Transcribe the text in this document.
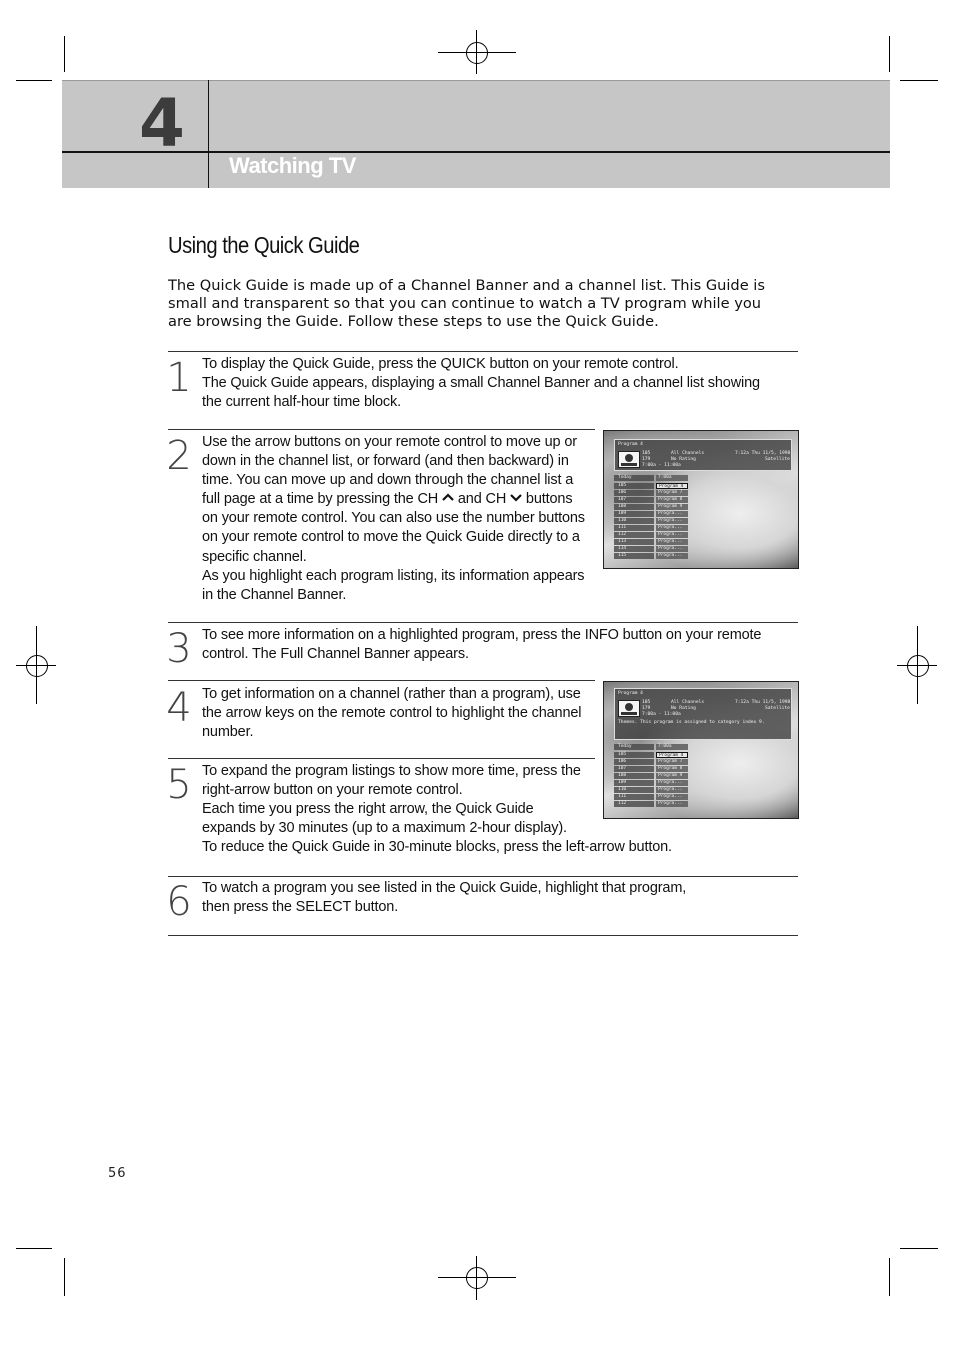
4
Watching TV
Using the Quick Guide
The Quick Guide is made up of a Channel Banner and a channel list. This Guide is small and transparent so that you can continue to watch a TV program while you are browsing the Guide. Follow these steps to use the Quick Guide.
1 To display the Quick Guide, press the QUICK button on your remote control.

The Quick Guide appears, displaying a small Channel Banner and a channel list showing

the current half-hour time block.

2 Use the arrow buttons on your remote control to move up or

down in the channel list, or forward (and then backward) in

time. You can move up and down through the channel list a

full page at a time by pressing the CH and CH buttons

on your remote control. You can also use the number buttons

on your remote control to move the Quick Guide directly to a

specific channel.

As you highlight each program listing, its information appears

in the Channel Banner.

Program 4
105
179
7:00a - 11:00a
All Channels
No Rating
7:12a Thu 11/5, 1998
Satellite
Today	7:00a
105	Program 4
106	Program 7
107	Program 8
108	Program 9
109	Progra...
110	Progra...
111	Progra...
112	Progra...
113	Progra...
114	Progra...
115	Progra...
3 To see more information on a highlighted program, press the INFO button on your remote

control. The Full Channel Banner appears.

4 To get information on a channel (rather than a program), use

the arrow keys on the remote control to highlight the channel

number.

Program 4
105
179
7:00a - 11:00a
All Channels
No Rating
7:12a Thu 11/5, 1998
Satellite
Themes. This program is assigned to category index 9.
Today	7:00a
105	Program 4
106	Program 7
107	Program 8
108	Program 9
109	Progra...
110	Progra...
111	Progra...
112	Progra...
5 To expand the program listings to show more time, press the

right-arrow button on your remote control.

Each time you press the right arrow, the Quick Guide

expands by 30 minutes (up to a maximum 2-hour display).

To reduce the Quick Guide in 30-minute blocks, press the left-arrow button.

6 To watch a program you see listed in the Quick Guide, highlight that program,

then press the SELECT button.

56
